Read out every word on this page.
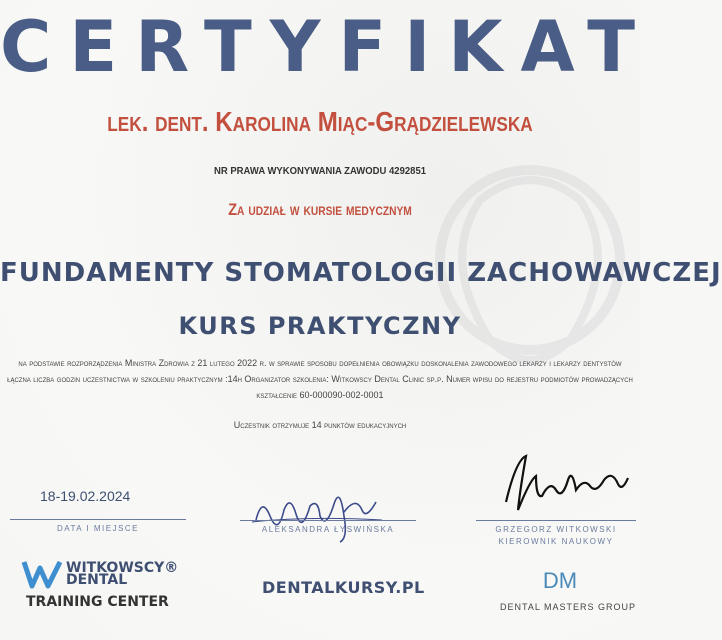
CERTYFIKAT
lek. dent. Karolina Miąc-Grądzielewska
NR PRAWA WYKONYWANIA ZAWODU 4292851
Za udział w kursie medycznym
FUNDAMENTY STOMATOLOGII ZACHOWAWCZEJ
KURS PRAKTYCZNY
na podstawie rozporządzenia Ministra Zdrowia z 21 lutego 2022 r. w sprawie sposobu dopełnienia obowiązku doskonalenia zawodowego lekarzy i lekarzy dentystów
łączna liczba godzin uczestnictwa w szkoleniu praktycznym :14h Organizator szkolenia: Witkowscy Dental Clinic sp.p. Numer wpisu do rejestru podmiotów prowadzących
kształcenie 60-000090-002-0001
Uczestnik otrzymuje 14 punktów edukacyjnych
18-19.02.2024
DATA I MIEJSCE	ALEKSANDRA ŁYSWIŃSKA	GRZEGORZ WITKOWSKI
KIEROWNIK NAUKOWY
WITKOWSCY®
DENTAL
TRAINING CENTER
DENTALKURSY.PL	DM
DENTAL MASTERS GROUP
